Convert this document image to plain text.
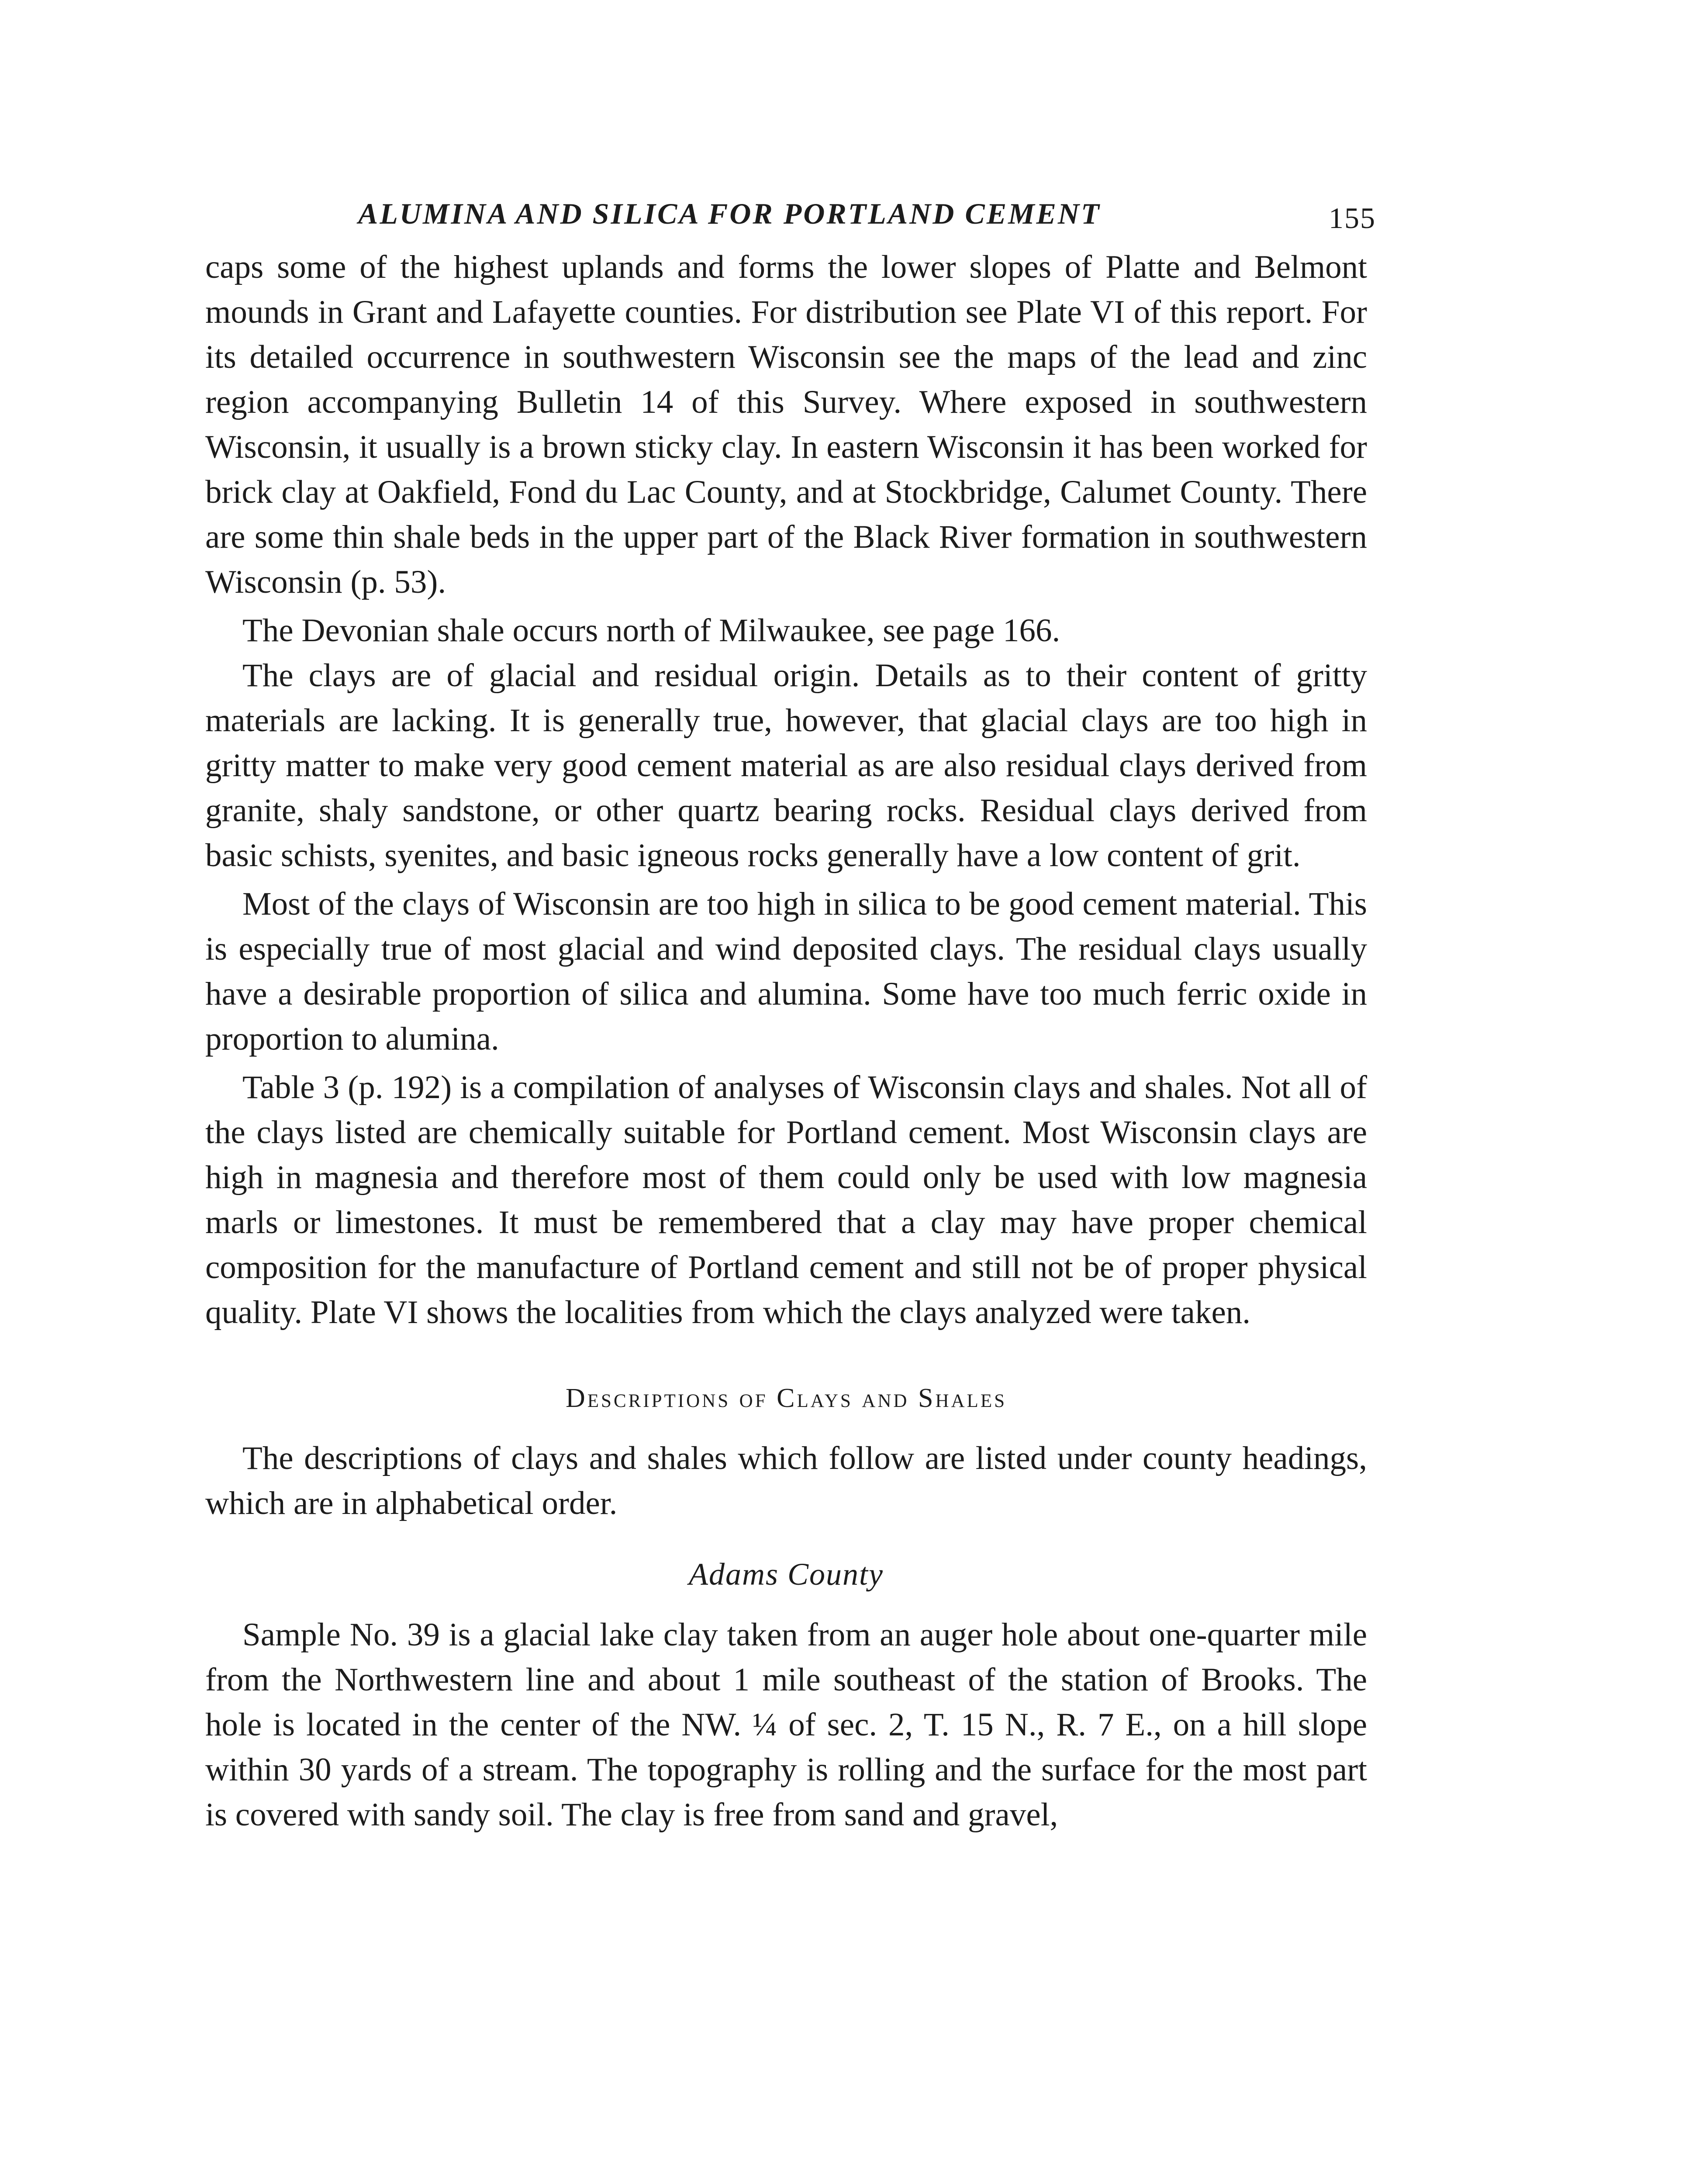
ALUMINA AND SILICA FOR PORTLAND CEMENT	155

caps some of the highest uplands and forms the lower slopes of Platte and Belmont mounds in Grant and Lafayette counties. For distribution see Plate VI of this report. For its detailed occurrence in southwestern Wisconsin see the maps of the lead and zinc region accompanying Bulletin 14 of this Survey. Where exposed in southwestern Wisconsin, it usually is a brown sticky clay. In eastern Wisconsin it has been worked for brick clay at Oakfield, Fond du Lac County, and at Stockbridge, Calumet County. There are some thin shale beds in the upper part of the Black River formation in southwestern Wisconsin (p. 53).

The Devonian shale occurs north of Milwaukee, see page 166.

The clays are of glacial and residual origin. Details as to their content of gritty materials are lacking. It is generally true, however, that glacial clays are too high in gritty matter to make very good cement material as are also residual clays derived from granite, shaly sandstone, or other quartz bearing rocks. Residual clays derived from basic schists, syenites, and basic igneous rocks generally have a low content of grit.

Most of the clays of Wisconsin are too high in silica to be good cement material. This is especially true of most glacial and wind deposited clays. The residual clays usually have a desirable proportion of silica and alumina. Some have too much ferric oxide in proportion to alumina.

Table 3 (p. 192) is a compilation of analyses of Wisconsin clays and shales. Not all of the clays listed are chemically suitable for Portland cement. Most Wisconsin clays are high in magnesia and therefore most of them could only be used with low magnesia marls or limestones. It must be remembered that a clay may have proper chemical composition for the manufacture of Portland cement and still not be of proper physical quality. Plate VI shows the localities from which the clays analyzed were taken.

Descriptions of Clays and Shales

The descriptions of clays and shales which follow are listed under county headings, which are in alphabetical order.

Adams County

Sample No. 39 is a glacial lake clay taken from an auger hole about one-quarter mile from the Northwestern line and about 1 mile southeast of the station of Brooks. The hole is located in the center of the NW. ¼ of sec. 2, T. 15 N., R. 7 E., on a hill slope within 30 yards of a stream. The topography is rolling and the surface for the most part is covered with sandy soil. The clay is free from sand and gravel,
